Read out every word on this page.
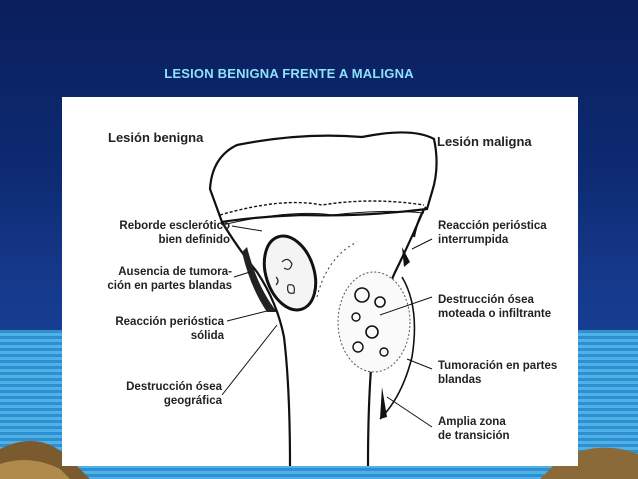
LESION BENIGNA FRENTE A MALIGNA
Lesión benigna	Lesión maligna
Reborde esclerótico
bien definido
Ausencia de tumora-
ción en partes blandas
Reacción perióstica
sólida
Destrucción ósea
geográfica
Reacción perióstica
interrumpida
Destrucción ósea
moteada o infiltrante
Tumoración en partes
blandas
Amplia zona
de transición
